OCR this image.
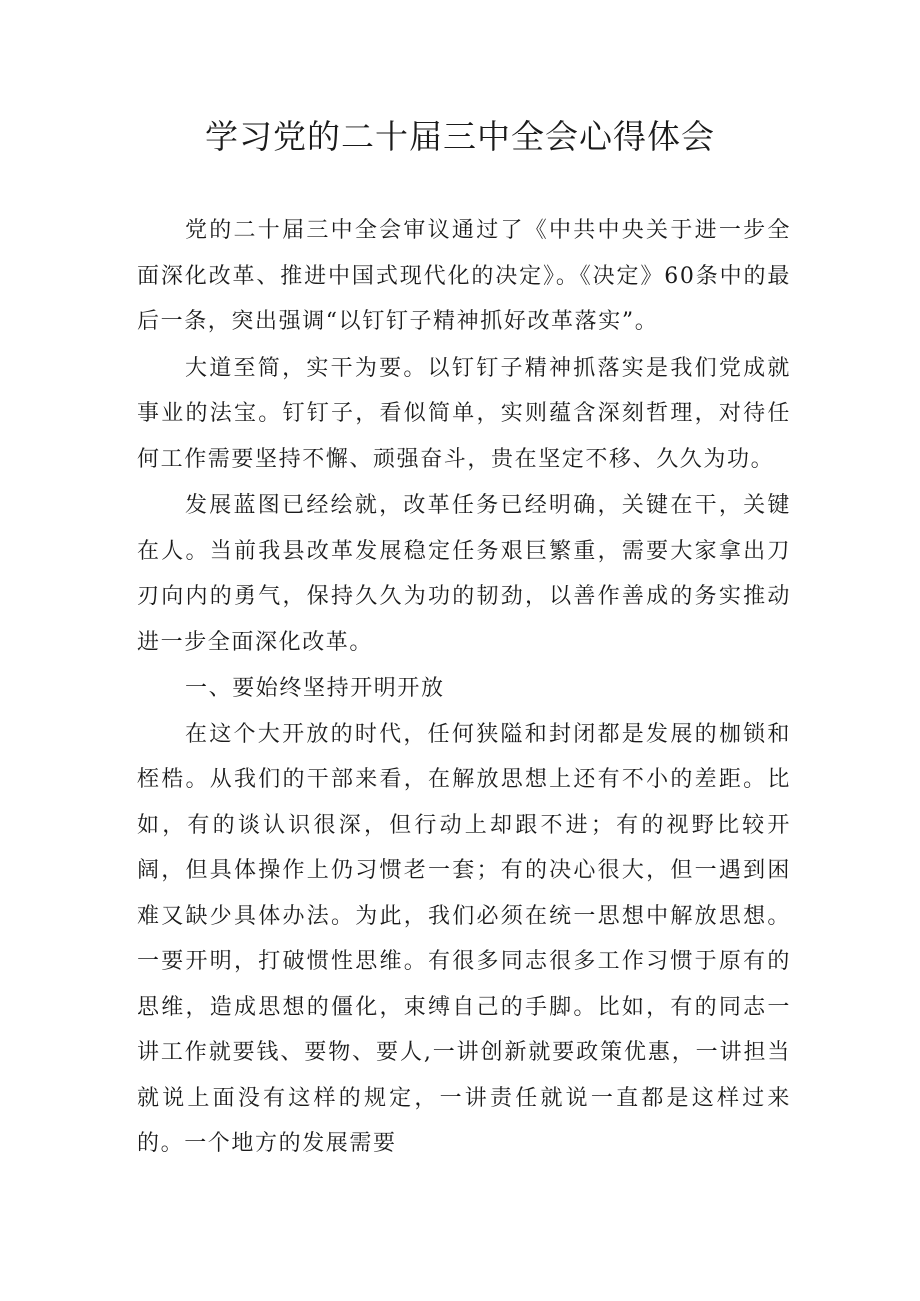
学习党的二十届三中全会心得体会

党的二十届三中全会审议通过了《中共中央关于进一步全面深化改革、推进中国式现代化的决定》。《决定》60条中的最后一条，突出强调“以钉钉子精神抓好改革落实”。

大道至简，实干为要。以钉钉子精神抓落实是我们党成就事业的法宝。钉钉子，看似简单，实则蕴含深刻哲理，对待任何工作需要坚持不懈、顽强奋斗，贵在坚定不移、久久为功。

发展蓝图已经绘就，改革任务已经明确，关键在干，关键在人。当前我县改革发展稳定任务艰巨繁重，需要大家拿出刀刃向内的勇气，保持久久为功的韧劲，以善作善成的务实推动进一步全面深化改革。

一、要始终坚持开明开放

在这个大开放的时代，任何狭隘和封闭都是发展的枷锁和桎梏。从我们的干部来看，在解放思想上还有不小的差距。比如，有的谈认识很深，但行动上却跟不进；有的视野比较开阔，但具体操作上仍习惯老一套；有的决心很大，但一遇到困难又缺少具体办法。为此，我们必须在统一思想中解放思想。一要开明，打破惯性思维。有很多同志很多工作习惯于原有的思维，造成思想的僵化，束缚自己的手脚。比如，有的同志一讲工作就要钱、要物、要人,一讲创新就要政策优惠，一讲担当就说上面没有这样的规定，一讲责任就说一直都是这样过来的。一个地方的发展需要
